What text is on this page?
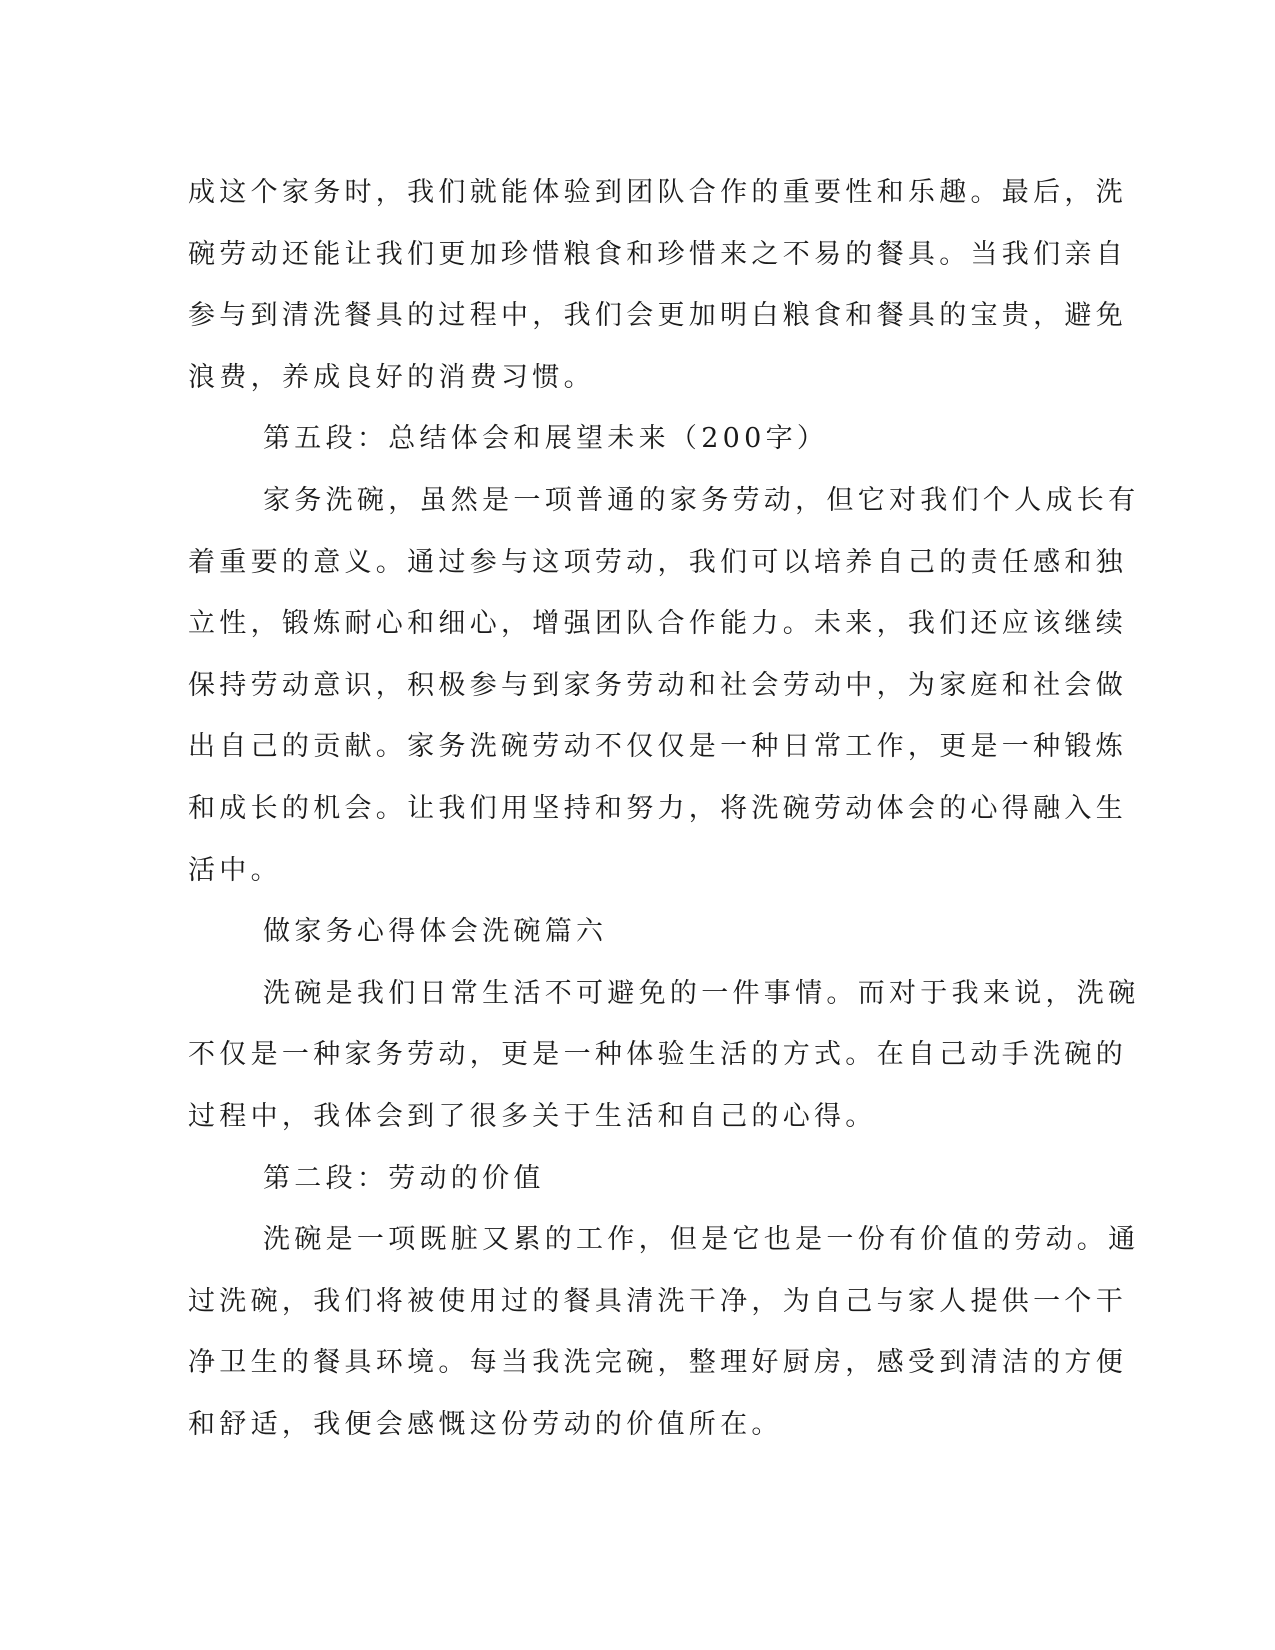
成这个家务时，我们就能体验到团队合作的重要性和乐趣。最后，洗
碗劳动还能让我们更加珍惜粮食和珍惜来之不易的餐具。当我们亲自
参与到清洗餐具的过程中，我们会更加明白粮食和餐具的宝贵，避免
浪费，养成良好的消费习惯。
第五段：总结体会和展望未来（200字）
家务洗碗，虽然是一项普通的家务劳动，但它对我们个人成长有
着重要的意义。通过参与这项劳动，我们可以培养自己的责任感和独
立性，锻炼耐心和细心，增强团队合作能力。未来，我们还应该继续
保持劳动意识，积极参与到家务劳动和社会劳动中，为家庭和社会做
出自己的贡献。家务洗碗劳动不仅仅是一种日常工作，更是一种锻炼
和成长的机会。让我们用坚持和努力，将洗碗劳动体会的心得融入生
活中。
做家务心得体会洗碗篇六
洗碗是我们日常生活不可避免的一件事情。而对于我来说，洗碗
不仅是一种家务劳动，更是一种体验生活的方式。在自己动手洗碗的
过程中，我体会到了很多关于生活和自己的心得。
第二段：劳动的价值
洗碗是一项既脏又累的工作，但是它也是一份有价值的劳动。通
过洗碗，我们将被使用过的餐具清洗干净，为自己与家人提供一个干
净卫生的餐具环境。每当我洗完碗，整理好厨房，感受到清洁的方便
和舒适，我便会感慨这份劳动的价值所在。
